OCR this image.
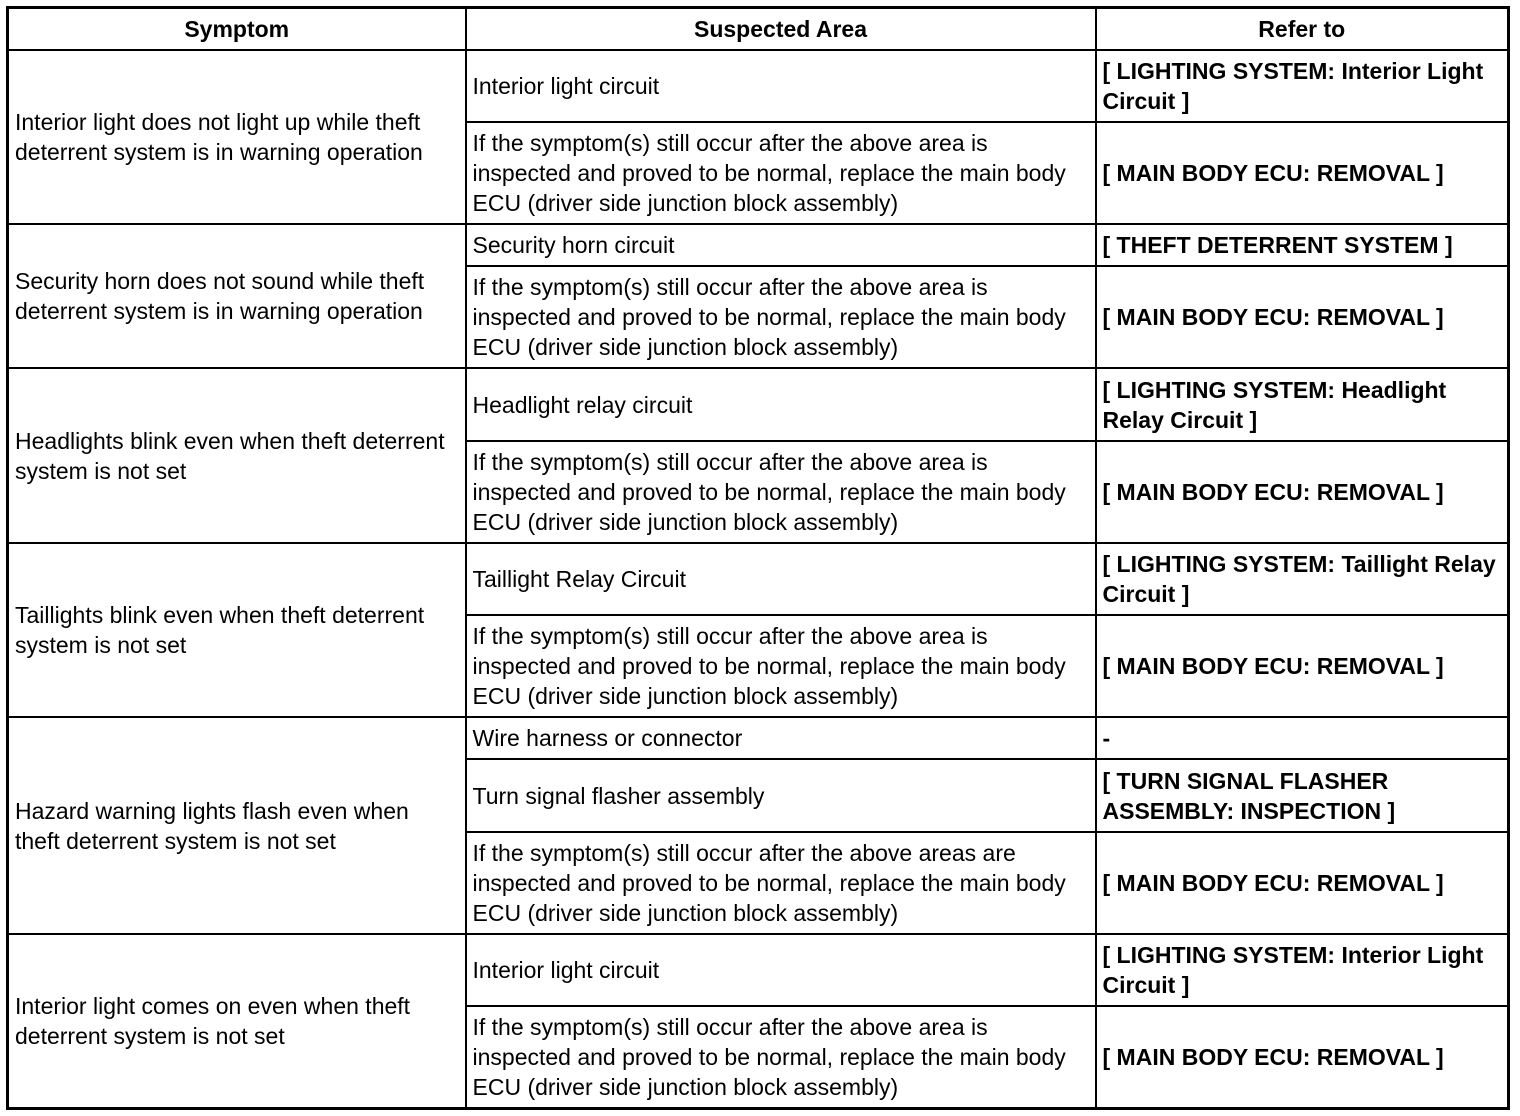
Symptom	Suspected Area	Refer to
Interior light does not light up while theft deterrent system is in warning operation	Interior light circuit	[ LIGHTING SYSTEM: Interior Light Circuit ]
	If the symptom(s) still occur after the above area is inspected and proved to be normal, replace the main body ECU (driver side junction block assembly)	[ MAIN BODY ECU: REMOVAL ]
Security horn does not sound while theft deterrent system is in warning operation	Security horn circuit	[ THEFT DETERRENT SYSTEM ]
	If the symptom(s) still occur after the above area is inspected and proved to be normal, replace the main body ECU (driver side junction block assembly)	[ MAIN BODY ECU: REMOVAL ]
Headlights blink even when theft deterrent system is not set	Headlight relay circuit	[ LIGHTING SYSTEM: Headlight Relay Circuit ]
	If the symptom(s) still occur after the above area is inspected and proved to be normal, replace the main body ECU (driver side junction block assembly)	[ MAIN BODY ECU: REMOVAL ]
Taillights blink even when theft deterrent system is not set	Taillight Relay Circuit	[ LIGHTING SYSTEM: Taillight Relay Circuit ]
	If the symptom(s) still occur after the above area is inspected and proved to be normal, replace the main body ECU (driver side junction block assembly)	[ MAIN BODY ECU: REMOVAL ]
Hazard warning lights flash even when theft deterrent system is not set	Wire harness or connector	-
	Turn signal flasher assembly	[ TURN SIGNAL FLASHER ASSEMBLY: INSPECTION ]
	If the symptom(s) still occur after the above areas are inspected and proved to be normal, replace the main body ECU (driver side junction block assembly)	[ MAIN BODY ECU: REMOVAL ]
Interior light comes on even when theft deterrent system is not set	Interior light circuit	[ LIGHTING SYSTEM: Interior Light Circuit ]
	If the symptom(s) still occur after the above area is inspected and proved to be normal, replace the main body ECU (driver side junction block assembly)	[ MAIN BODY ECU: REMOVAL ]
